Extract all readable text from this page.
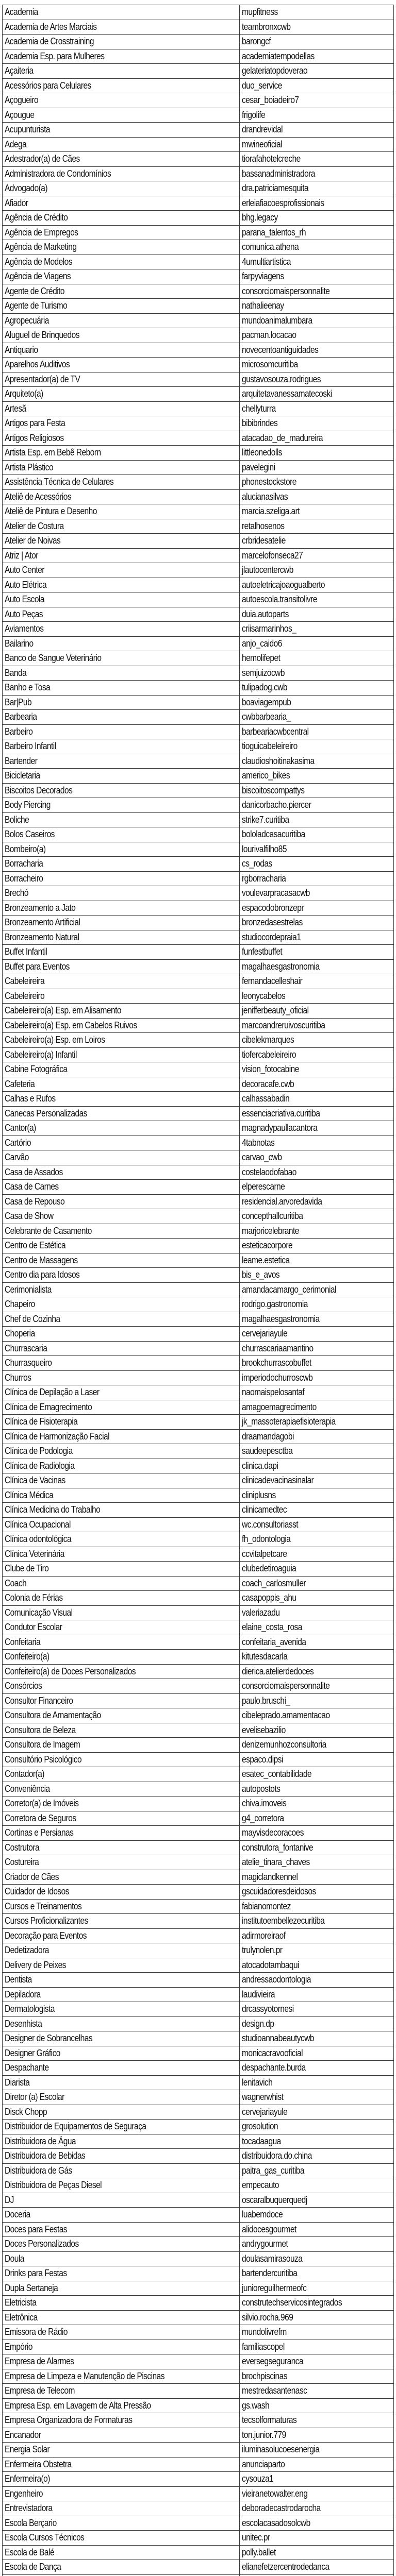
Academia	mupfitness
Academia de Artes Marciais	teambronxcwb
Academia de Crosstraining	barongcf
Academia Esp. para Mulheres	academiatempodellas
Açaiteria	gelateriatopdoverao
Acessórios para Celulares	duo_service
Açogueiro	cesar_boiadeiro7
Açougue	frigolife
Acupunturista	drandrevidal
Adega	mwineoficial
Adestrador(a) de Cães	tiorafahotelcreche
Administradora de Condomínios	bassanadministradora
Advogado(a)	dra.patriciamesquita
Afiador	erleiafiacoesprofissionais
Agência de Crédito	bhg.legacy
Agência de Empregos	parana_talentos_rh
Agência de Marketing	comunica.athena
Agência de Modelos	4umultiartistica
Agência de Viagens	farpyviagens
Agente de Crédito	consorciomaispersonnalite
Agente de Turismo	nathalieenay
Agropecuária	mundoanimalumbara
Aluguel de Brinquedos	pacman.locacao
Antiquario	novecentoantiguidades
Aparelhos Auditivos	microsomcuritiba
Apresentador(a) de TV	gustavosouza.rodrigues
Arquiteto(a)	arquitetavanessamatecoski
Artesã	chellyturra
Artigos para Festa	bibibrindes
Artigos Religiosos	atacadao_de_madureira
Artista Esp. em Bebê Reborn	littleonedolls
Artista Plástico	pavelegini
Assistência Técnica de Celulares	phonestockstore
Ateliê de Acessórios	alucianasilvas
Ateliê de Pintura e Desenho	marcia.szeliga.art
Atelier de Costura	retalhosenos
Atelier de Noivas	crbridesatelie
Atriz | Ator	marcelofonseca27
Auto Center	jlautocentercwb
Auto Elétrica	autoeletricajoaogualberto
Auto Escola	autoescola.transitolivre
Auto Peças	duia.autoparts
Aviamentos	criisarmarinhos_
Bailarino	anjo_caido6
Banco de Sangue Veterinário	hemolifepet
Banda	semjuizocwb
Banho e Tosa	tulipadog.cwb
Bar|Pub	boaviagempub
Barbearia	cwbbarbearia_
Barbeiro	barbeariacwbcentral
Barbeiro Infantil	tioguicabeleireiro
Bartender	claudioshoitinakasima
Bicicletaria	americo_bikes
Biscoitos Decorados	biscoitoscompattys
Body Piercing	danicorbacho.piercer
Boliche	strike7.curitiba
Bolos Caseiros	bololadcasacuritiba
Bombeiro(a)	lourivalfilho85
Borracharia	cs_rodas
Borracheiro	rgborracharia
Brechó	voulevarpracasacwb
Bronzeamento a Jato	espacodobronzepr
Bronzeamento Artificial	bronzedasestrelas
Bronzeamento Natural	studiocordepraia1
Buffet Infantil	funfestbuffet
Buffet para Eventos	magalhaesgastronomia
Cabeleireira	fernandacelleshair
Cabeleireiro	leonycabelos
Cabeleireiro(a) Esp. em Alisamento	jenifferbeauty_oficial
Cabeleireiro(a) Esp. em Cabelos Ruivos	marcoandreruivoscuritiba
Cabeleireiro(a) Esp. em Loiros	cibelekmarques
Cabeleireiro(a) Infantil	tiofercabeleireiro
Cabine Fotográfica	vision_fotocabine
Cafeteria	decoracafe.cwb
Calhas e Rufos	calhassabadin
Canecas Personalizadas	essenciacriativa.curitiba
Cantor(a)	magnadypaullacantora
Cartório	4tabnotas
Carvão	carvao_cwb
Casa de Assados	costelaodofabao
Casa de Carnes	elperescarne
Casa de Repouso	residencial.arvoredavida
Casa de Show	concepthallcuritiba
Celebrante de Casamento	marjoricelebrante
Centro de Estética	esteticacorpore
Centro de Massagens	leame.estetica
Centro dia para Idosos	bis_e_avos
Cerimonialista	amandacamargo_cerimonial
Chapeiro	rodrigo.gastronomia
Chef de Cozinha	magalhaesgastronomia
Choperia	cervejariayule
Churrascaria	churrascariaamantino
Churrasqueiro	brookchurrascobuffet
Churros	imperiodochurroscwb
Clínica de Depilação a Laser	naomaispelosantaf
Clínica de Emagrecimento	amagoemagrecimento
Clínica de Fisioterapia	jk_massoterapiaefisioterapia
Clínica de Harmonização Facial	draamandagobi
Clínica de Podologia	saudeepesctba
Clínica de Radiologia	clinica.dapi
Clínica de Vacinas	clinicadevacinasinalar
Clínica Médica	cliniplusns
Clínica Medicina do Trabalho	clinicamedtec
Clínica Ocupacional	wc.consultoriasst
Clínica odontológica	fh_odontologia
Clínica Veterinária	ccvitalpetcare
Clube de Tiro	clubedetiroaguia
Coach	coach_carlosmuller
Colonia de Férias	casapoppis_ahu
Comunicação Visual	valeriazadu
Condutor Escolar	elaine_costa_rosa
Confeitaria	confeitaria_avenida
Confeiteiro(a)	kitutesdacarla
Confeiteiro(a) de Doces Personalizados	dierica.atelierdedoces
Consórcios	consorciomaispersonnalite
Consultor Financeiro	paulo.bruschi_
Consultora de Amamentação	cibeleprado.amamentacao
Consultora de Beleza	evelisebazilio
Consultora de Imagem	denizemunhozconsultoria
Consultório Psicológico	espaco.dipsi
Contador(a)	esatec_contabilidade
Conveniência	autopostots
Corretor(a) de Imóveis	chiva.imoveis
Corretora de Seguros	g4_corretora
Cortinas e Persianas	mayvisdecoracoes
Costrutora	construtora_fontanive
Costureira	atelie_tinara_chaves
Criador de Cães	magiclandkennel
Cuidador de Idosos	gscuidadoresdeidosos
Cursos e Treinamentos	fabianomontez
Cursos Proficionalizantes	institutoembellezecuritiba
Decoração para Eventos	adirmoreiraof
Dedetizadora	trulynolen.pr
Delivery de Peixes	atocadotambaqui
Dentista	andressaodontologia
Depiladora	laudivieira
Dermatologista	drcassyotornesi
Desenhista	design.dp
Designer de Sobrancelhas	studioannabeautycwb
Designer Gráfico	monicacravooficial
Despachante	despachante.burda
Diarista	lenitavich
Diretor (a) Escolar	wagnerwhist
Disck Chopp	cervejariayule
Distribuidor de Equipamentos de Seguraça	grosolution
Distribuidora de Água	tocadaagua
Distribuidora de Bebidas	distribuidora.do.china
Distribuidora de Gás	paitra_gas_curitiba
Distribuidora de Peças Diesel	empecauto
DJ	oscaralbuquerquedj
Doceria	luabemdoce
Doces para Festas	alidocesgourmet
Doces Personalizados	andrygourmet
Doula	doulasamirasouza
Drinks para Festas	bartendercuritiba
Dupla Sertaneja	junioreguilhermeofc
Eletricista	construtechservicosintegrados
Eletrônica	silvio.rocha.969
Emissora de Rádio	mundolivrefm
Empório	familiascopel
Empresa de Alarmes	eversegseguranca
Empresa de Limpeza e Manutenção de Piscinas	brochpiscinas
Empresa de Telecom	mestredasantenasc
Empresa Esp. em Lavagem de Alta Pressão	gs.wash
Empresa Organizadora de Formaturas	tecsolformaturas
Encanador	ton.junior.779
Energia Solar	iluminasolucoesenergia
Enfermeira Obstetra	anunciaparto
Enfermeira(o)	cysouza1
Engenheiro	vieiranetowalter.eng
Entrevistadora	deboradecastrodarocha
Escola Berçario	escolacasadosolcwb
Escola Cursos Técnicos	unitec.pr
Escola de Balé	polly.ballet
Escola de Dança	elianefetzercentrodedanca
